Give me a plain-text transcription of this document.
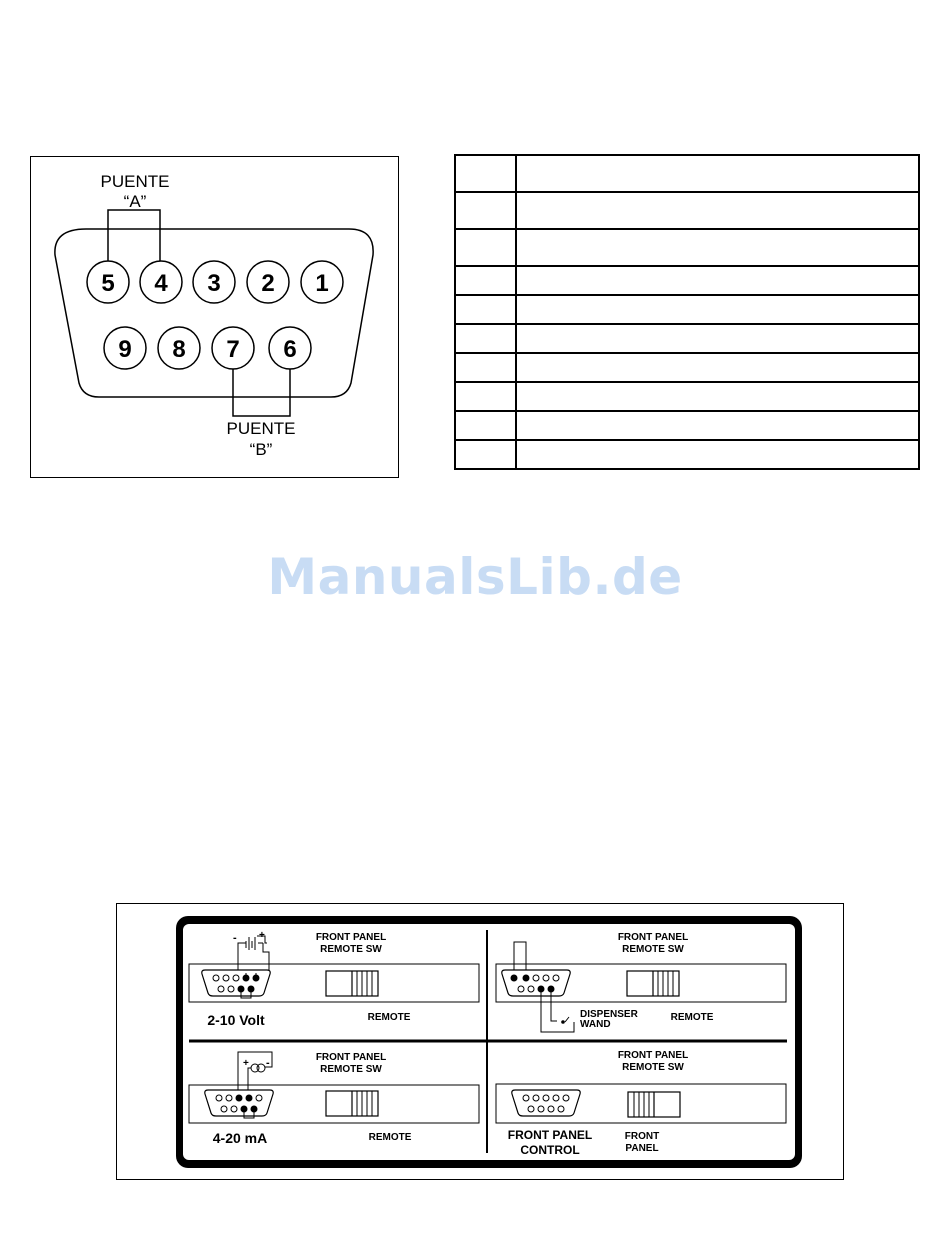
PUENTE
“A”
PUENTE
“B”
5 4 3 2 1
9 8 7 6

ManualsLib.de
FRONT PANEL
REMOTE SW
- +
2-10 Volt	REMOTE
FRONT PANEL
REMOTE SW
DISPENSER
WAND
REMOTE
FRONT PANEL
REMOTE SW
+ -
4-20 mA	REMOTE
FRONT PANEL
REMOTE SW
FRONT PANEL
CONTROL
FRONT
PANEL
